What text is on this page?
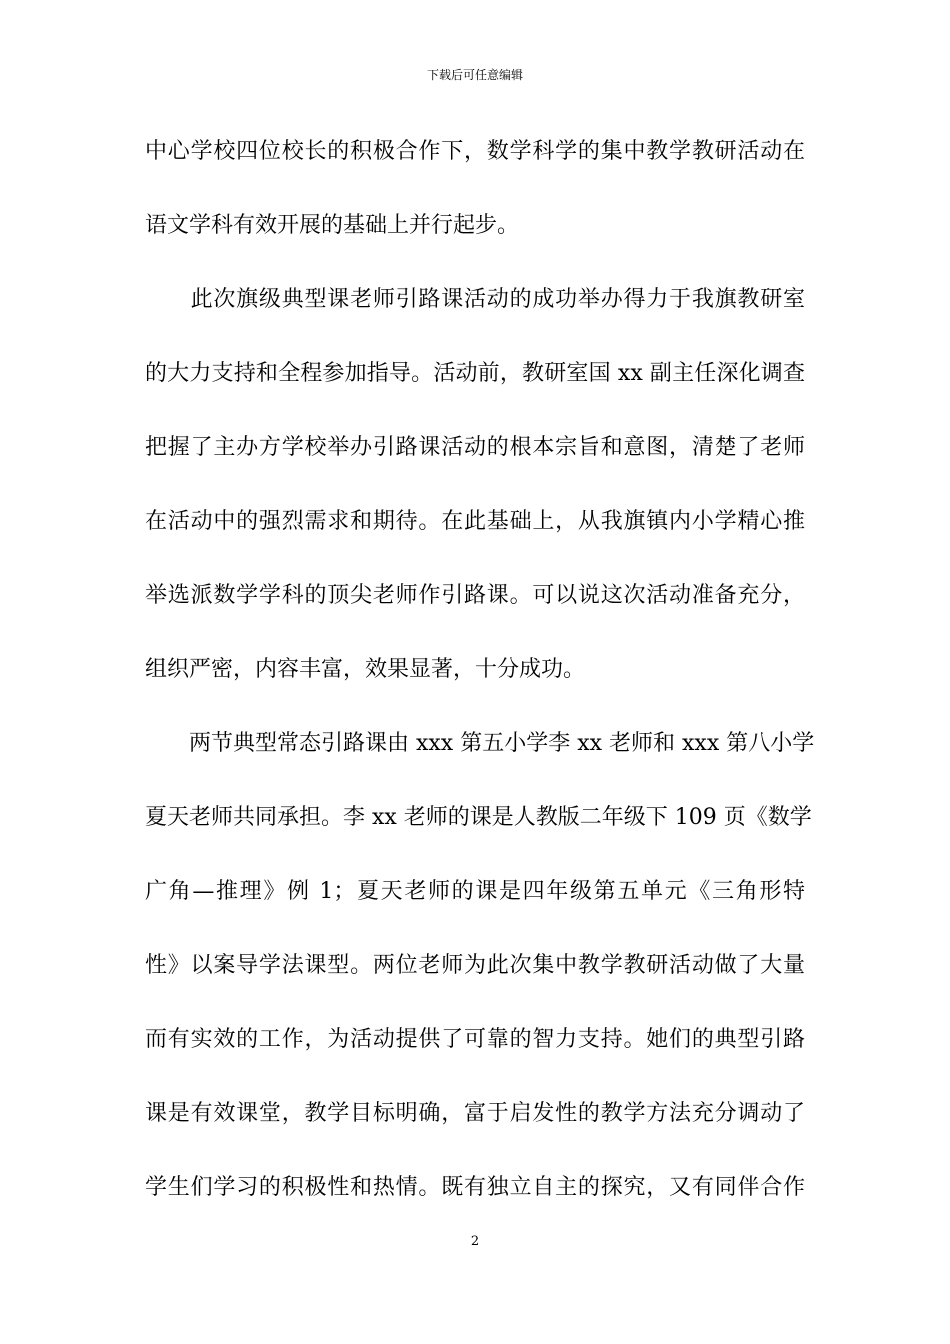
下载后可任意编辑
中心学校四位校长的积极合作下，数学科学的集中教学教研活动在
语文学科有效开展的基础上并行起步。
　　此次旗级典型课老师引路课活动的成功举办得力于我旗教研室
的大力支持和全程参加指导。活动前，教研室国 xx 副主任深化调查
把握了主办方学校举办引路课活动的根本宗旨和意图，清楚了老师
在活动中的强烈需求和期待。在此基础上，从我旗镇内小学精心推
举选派数学学科的顶尖老师作引路课。可以说这次活动准备充分，
组织严密，内容丰富，效果显著，十分成功。
　　两节典型常态引路课由 xxx 第五小学李 xx 老师和 xxx 第八小学
夏天老师共同承担。李 xx 老师的课是人教版二年级下 109 页《数学
广角—推理》例 1；夏天老师的课是四年级第五单元《三角形特
性》以案导学法课型。两位老师为此次集中教学教研活动做了大量
而有实效的工作，为活动提供了可靠的智力支持。她们的典型引路
课是有效课堂，教学目标明确，富于启发性的教学方法充分调动了
学生们学习的积极性和热情。既有独立自主的探究，又有同伴合作
2
